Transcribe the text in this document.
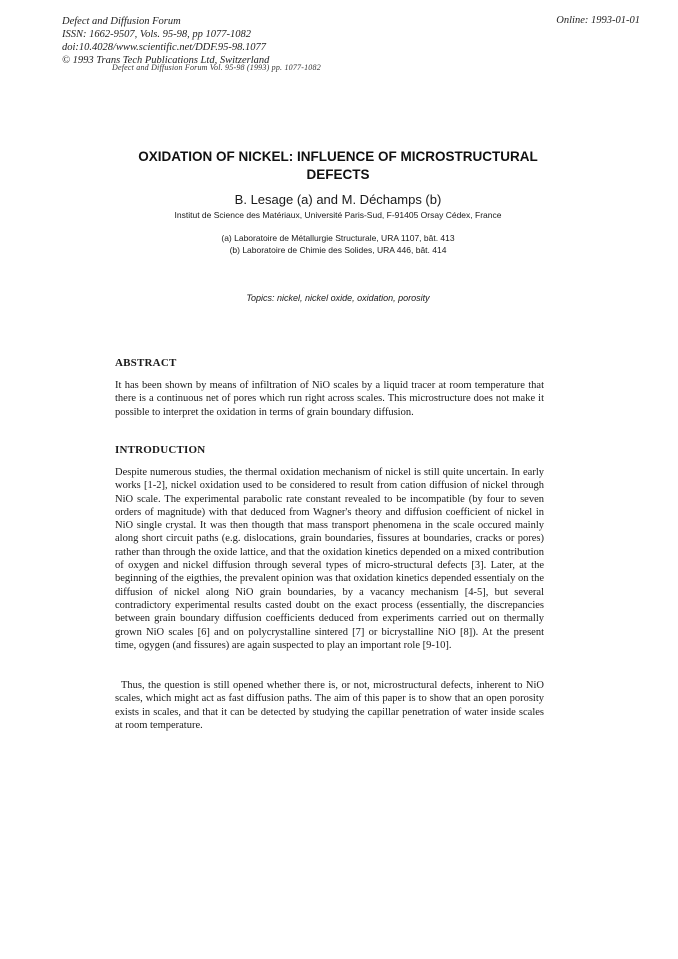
Defect and Diffusion Forum
ISSN: 1662-9507, Vols. 95-98, pp 1077-1082
doi:10.4028/www.scientific.net/DDF.95-98.1077
© 1993 Trans Tech Publications Ltd, Switzerland
Online: 1993-01-01
Defect and Diffusion Forum Vol. 95-98 (1993) pp. 1077-1082
OXIDATION OF NICKEL: INFLUENCE OF MICROSTRUCTURAL DEFECTS
B. Lesage (a) and M. Déchamps (b)
Institut de Science des Matériaux, Université Paris-Sud, F-91405 Orsay Cédex, France
(a) Laboratoire de Métallurgie Structurale, URA 1107, bât. 413
(b) Laboratoire de Chimie des Solides, URA 446, bât. 414
Topics: nickel, nickel oxide, oxidation, porosity
ABSTRACT
It has been shown by means of infiltration of NiO scales by a liquid tracer at room temperature that there is a continuous net of pores which run right across scales. This microstructure does not make it possible to interpret the oxidation in terms of grain boundary diffusion.
INTRODUCTION
Despite numerous studies, the thermal oxidation mechanism of nickel is still quite uncertain. In early works [1-2], nickel oxidation used to be considered to result from cation diffusion of nickel through NiO scale. The experimental parabolic rate constant revealed to be incompatible (by four to seven orders of magnitude) with that deduced from Wagner's theory and diffusion coefficient of nickel in NiO single crystal. It was then thougth that mass transport phenomena in the scale occured mainly along short circuit paths (e.g. dislocations, grain boundaries, fissures at boundaries, cracks or pores) rather than through the oxide lattice, and that the oxidation kinetics depended on a mixed contribution of oxygen and nickel diffusion through several types of micro-structural defects [3]. Later, at the beginning of the eigthies, the prevalent opinion was that oxidation kinetics depended essentialy on the diffusion of nickel along NiO grain boundaries, by a vacancy mechanism [4-5], but several contradictory experimental results casted doubt on the exact process (essentially, the discrepancies between grain boundary diffusion coefficients deduced from experiments carried out on thermally grown NiO scales [6] and on polycrystalline sintered [7] or bicrystalline NiO [8]). At the present time, ogygen (and fissures) are again suspected to play an important role [9-10].
Thus, the question is still opened whether there is, or not, microstructural defects, inherent to NiO scales, which might act as fast diffusion paths. The aim of this paper is to show that an open porosity exists in scales, and that it can be detected by studying the capillar penetration of water inside scales at room temperature.
